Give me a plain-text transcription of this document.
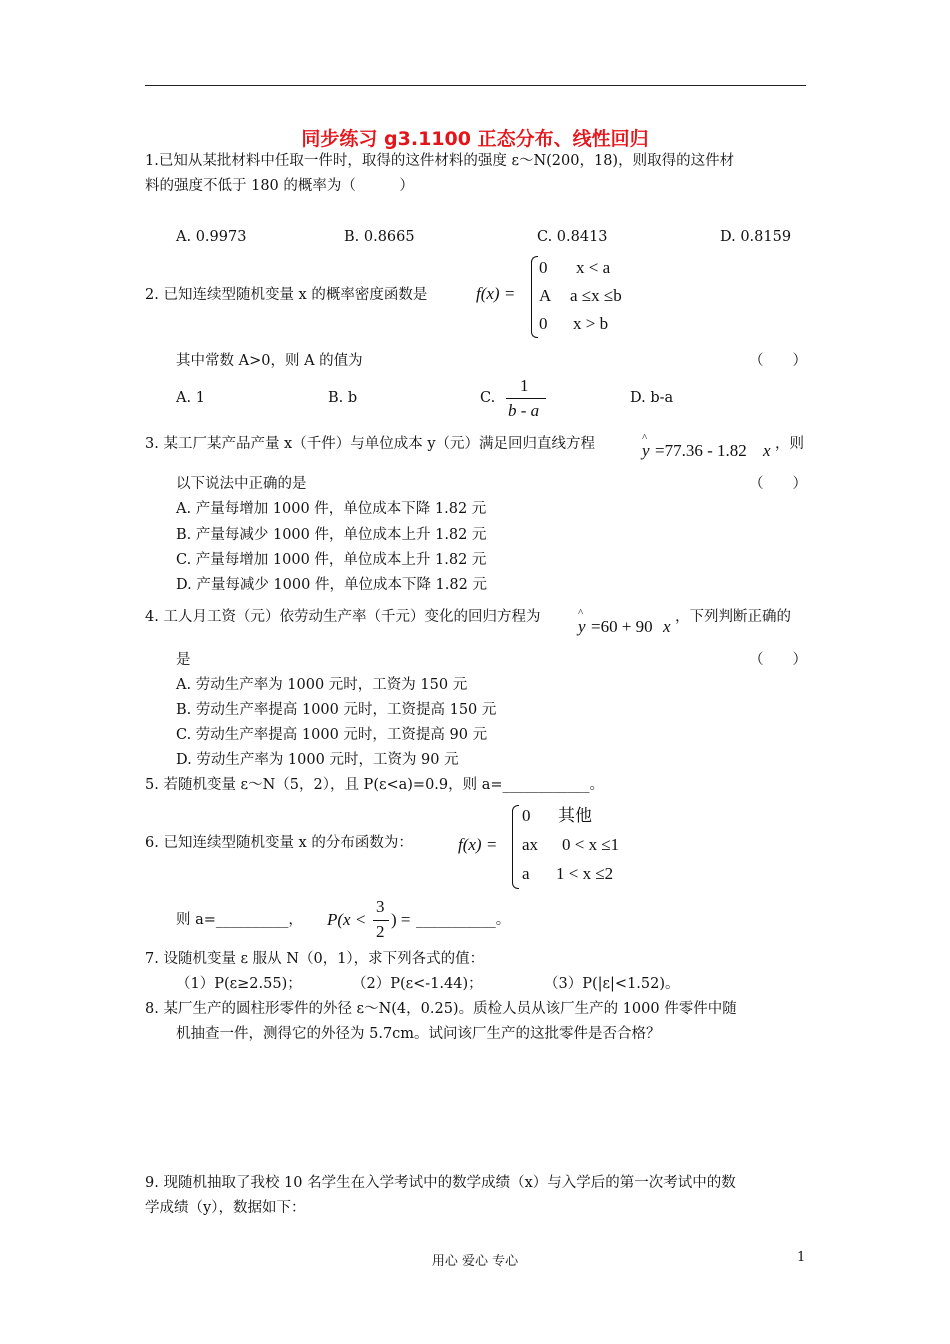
同步练习 g3.1100 正态分布、线性回归
1.已知从某批材料中任取一件时，取得的这件材料的强度 ε～N(200，18)，则取得的这件材
料的强度不低于 180 的概率为（　　　）
A. 0.9973	B. 0.8665	C. 0.8413	D. 0.8159
2. 已知连续型随机变量 x 的概率密度函数是	f(x) =
0 x < a
A a ≤x ≤b
0 x > b
其中常数 A>0，则 A 的值为	（　　）
A. 1	B. b	C.
1
b - a
D. b-a
3. 某工厂某产品产量 x（千件）与单位成本 y（元）满足回归直线方程	^
y =77.36 - 1.82 x ，则
以下说法中正确的是	（　　）
A. 产量每增加 1000 件，单位成本下降 1.82 元
B. 产量每减少 1000 件，单位成本上升 1.82 元
C. 产量每增加 1000 件，单位成本上升 1.82 元
D. 产量每减少 1000 件，单位成本下降 1.82 元
4. 工人月工资（元）依劳动生产率（千元）变化的回归方程为	^
y =60 + 90 x ，下列判断正确的
是	（　　）
A. 劳动生产率为 1000 元时，工资为 150 元
B. 劳动生产率提高 1000 元时，工资提高 150 元
C. 劳动生产率提高 1000 元时，工资提高 90 元
D. 劳动生产率为 1000 元时，工资为 90 元
5. 若随机变量 ε～N（5，2），且 P(ε<a)=0.9，则 a=____________。
6. 已知连续型随机变量 x 的分布函数为：	f(x) =
0 其他
ax 0 < x ≤1
a 1 < x ≤2
则 a=__________， P(x <
3
2
) = ___________。
7. 设随机变量 ε 服从 N（0，1），求下列各式的值：
（1）P(ε≥2.55)；	（2）P(ε<-1.44)；	（3）P(|ε|<1.52)。
8. 某厂生产的圆柱形零件的外径 ε～N(4，0.25)。质检人员从该厂生产的 1000 件零件中随
机抽查一件，测得它的外径为 5.7cm。试问该厂生产的这批零件是否合格？
9. 现随机抽取了我校 10 名学生在入学考试中的数学成绩（x）与入学后的第一次考试中的数
学成绩（y），数据如下：
用心 爱心 专心	1
